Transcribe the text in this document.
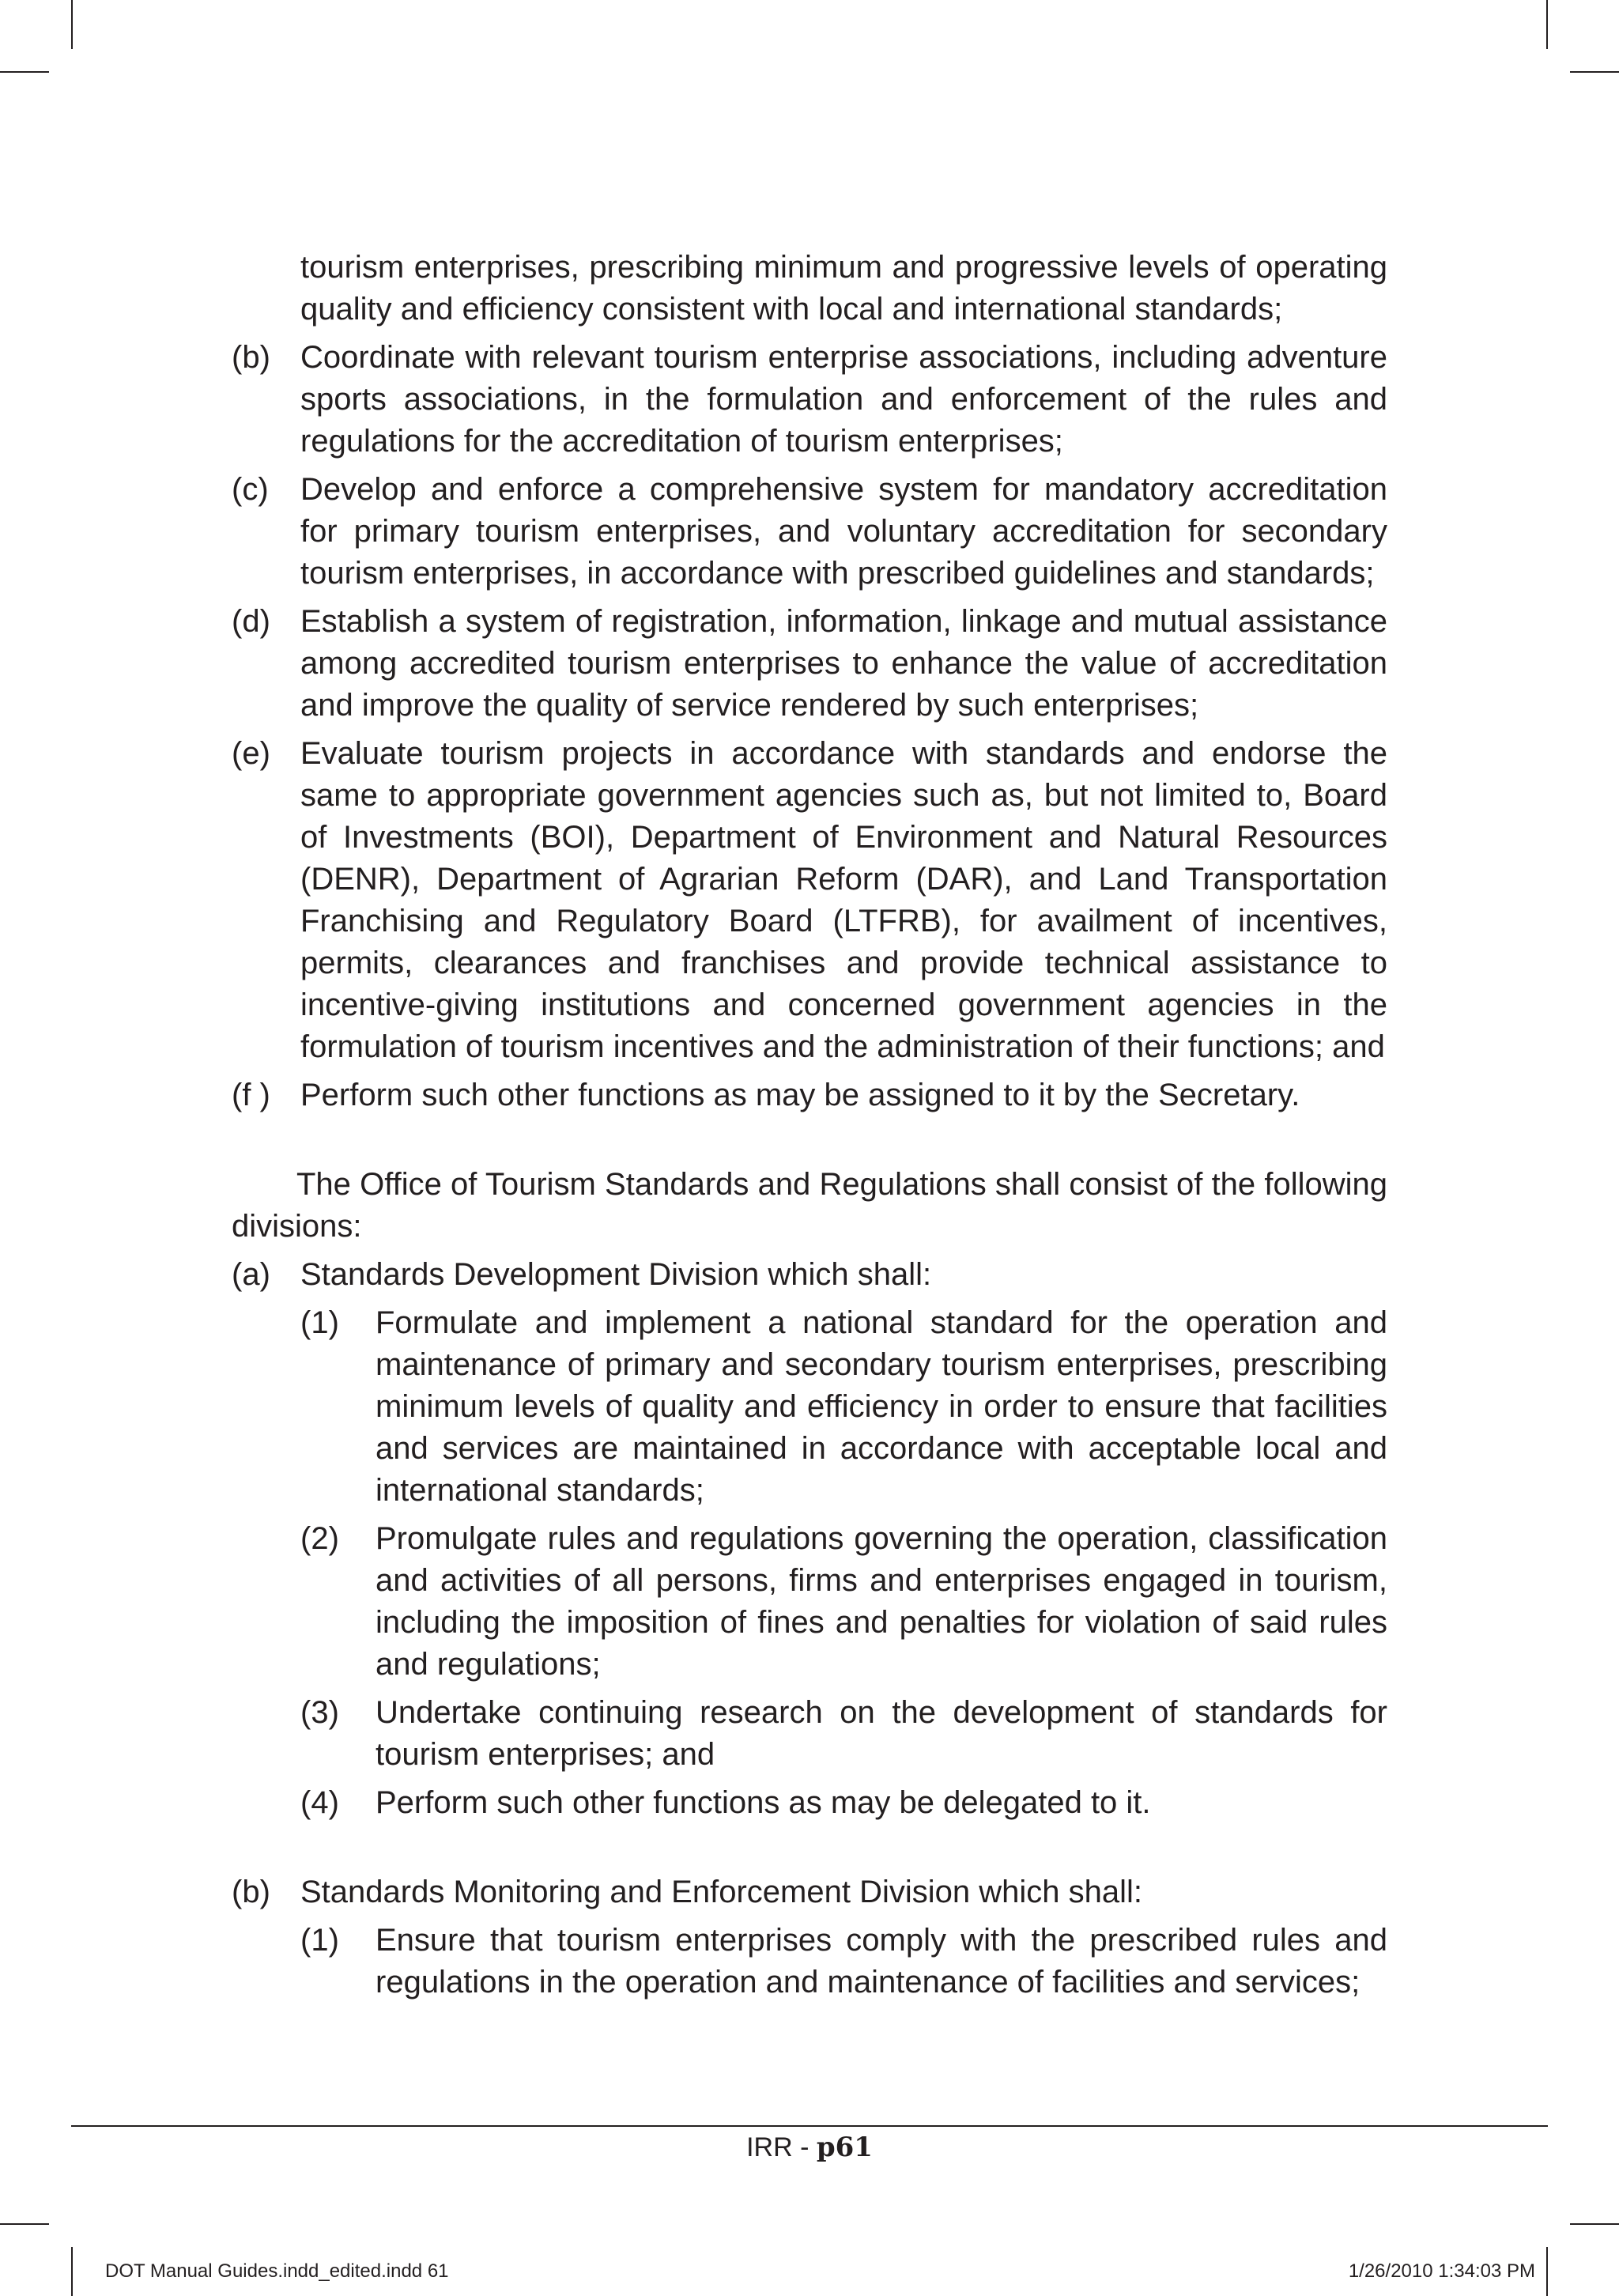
tourism enterprises, prescribing minimum and progressive levels of operating quality and efficiency consistent with local and international standards;
(b) Coordinate with relevant tourism enterprise associations, including adventure sports associations, in the formulation and enforcement of the rules and regulations for the accreditation of tourism enterprises;
(c) Develop and enforce a comprehensive system for mandatory accreditation for primary tourism enterprises, and voluntary accreditation for secondary tourism enterprises, in accordance with prescribed guidelines and standards;
(d) Establish a system of registration, information, linkage and mutual assistance among accredited tourism enterprises to enhance the value of accreditation and improve the quality of service rendered by such enterprises;
(e) Evaluate tourism projects in accordance with standards and endorse the same to appropriate government agencies such as, but not limited to, Board of Investments (BOI), Department of Environment and Natural Resources (DENR), Department of Agrarian Reform (DAR), and Land Transportation Franchising and Regulatory Board (LTFRB), for availment of incentives, permits, clearances and franchises and provide technical assistance to incentive-giving institutions and concerned government agencies in the formulation of tourism incentives and the administration of their functions; and
(f ) Perform such other functions as may be assigned to it by the Secretary.
The Office of Tourism Standards and Regulations shall consist of the following divisions:
(a) Standards Development Division which shall:
(1) Formulate and implement a national standard for the operation and maintenance of primary and secondary tourism enterprises, prescribing minimum levels of quality and efficiency in order to ensure that facilities and services are maintained in accordance with acceptable local and international standards;
(2) Promulgate rules and regulations governing the operation, classification and activities of all persons, firms and enterprises engaged in tourism, including the imposition of fines and penalties for violation of said rules and regulations;
(3) Undertake continuing research on the development of standards for tourism enterprises; and
(4) Perform such other functions as may be delegated to it.
(b) Standards Monitoring and Enforcement Division which shall:
(1) Ensure that tourism enterprises comply with the prescribed rules and regulations in the operation and maintenance of facilities and services;
IRR - p61
DOT Manual Guides.indd_edited.indd 61	1/26/2010 1:34:03 PM
